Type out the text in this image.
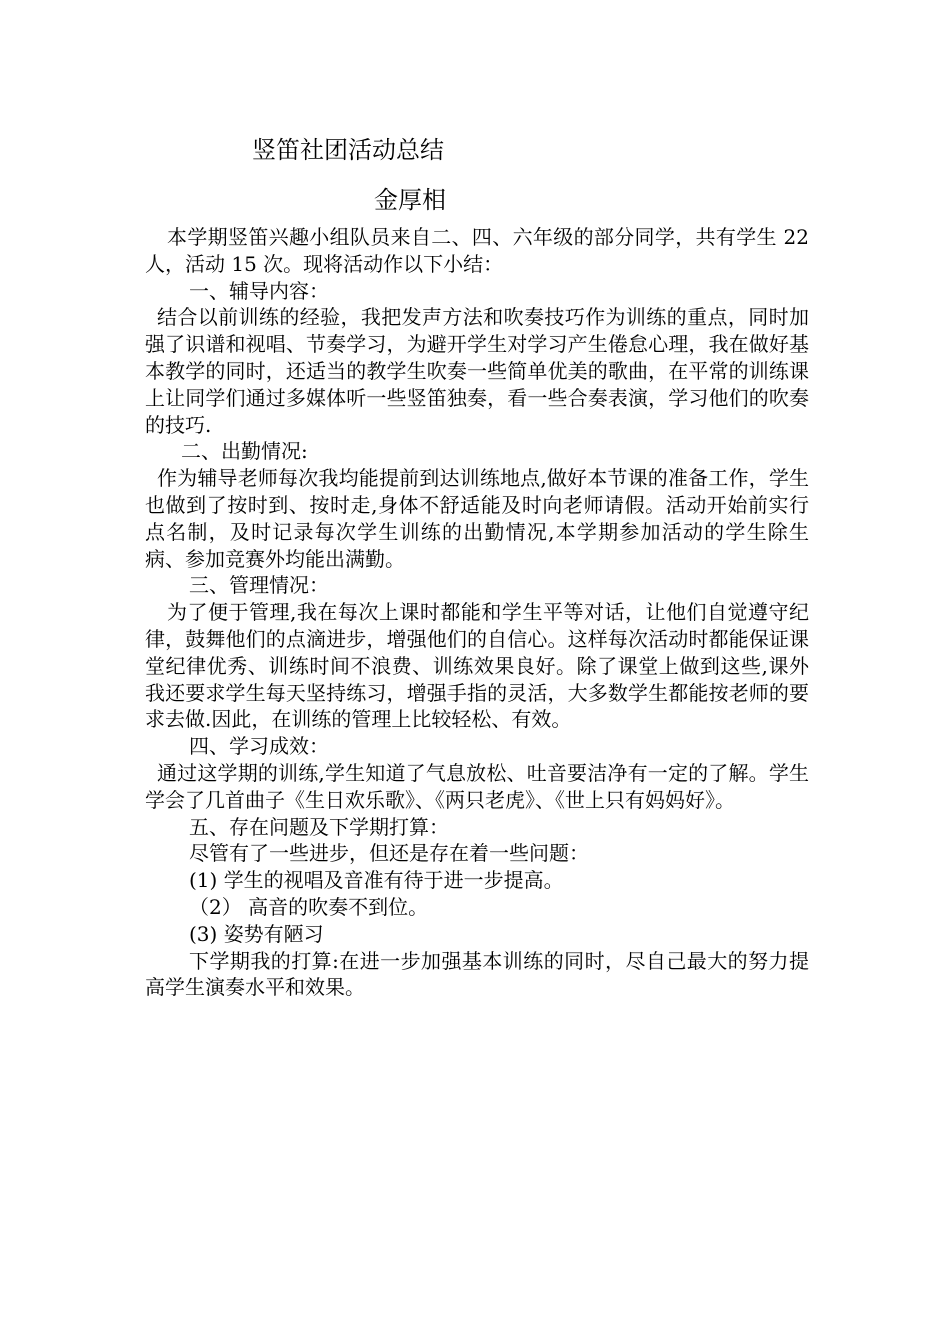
竖笛社团活动总结
金厚相

本学期竖笛兴趣小组队员来自二、四、六年级的部分同学，共有学生 22 人，活动 15 次。现将活动作以下小结：

一、辅导内容：

结合以前训练的经验，我把发声方法和吹奏技巧作为训练的重点，同时加强了识谱和视唱、节奏学习，为避开学生对学习产生倦怠心理，我在做好基本教学的同时，还适当的教学生吹奏一些简单优美的歌曲，在平常的训练课上让同学们通过多媒体听一些竖笛独奏，看一些合奏表演，学习他们的吹奏的技巧.

二、出勤情况:

作为辅导老师每次我均能提前到达训练地点,做好本节课的准备工作，学生也做到了按时到、按时走,身体不舒适能及时向老师请假。活动开始前实行点名制，及时记录每次学生训练的出勤情况,本学期参加活动的学生除生病、参加竞赛外均能出满勤。

三、管理情况：

为了便于管理,我在每次上课时都能和学生平等对话，让他们自觉遵守纪律，鼓舞他们的点滴进步，增强他们的自信心。这样每次活动时都能保证课堂纪律优秀、训练时间不浪费、训练效果良好。除了课堂上做到这些,课外我还要求学生每天坚持练习，增强手指的灵活，大多数学生都能按老师的要求去做.因此，在训练的管理上比较轻松、有效。

四、学习成效：

通过这学期的训练,学生知道了气息放松、吐音要洁净有一定的了解。学生学会了几首曲子《生日欢乐歌》、《两只老虎》、《世上只有妈妈好》。

五、存在问题及下学期打算：

尽管有了一些进步，但还是存在着一些问题：

(1) 学生的视唱及音准有待于进一步提高。

（2） 高音的吹奏不到位。

(3) 姿势有陋习

下学期我的打算:在进一步加强基本训练的同时，尽自己最大的努力提高学生演奏水平和效果。
